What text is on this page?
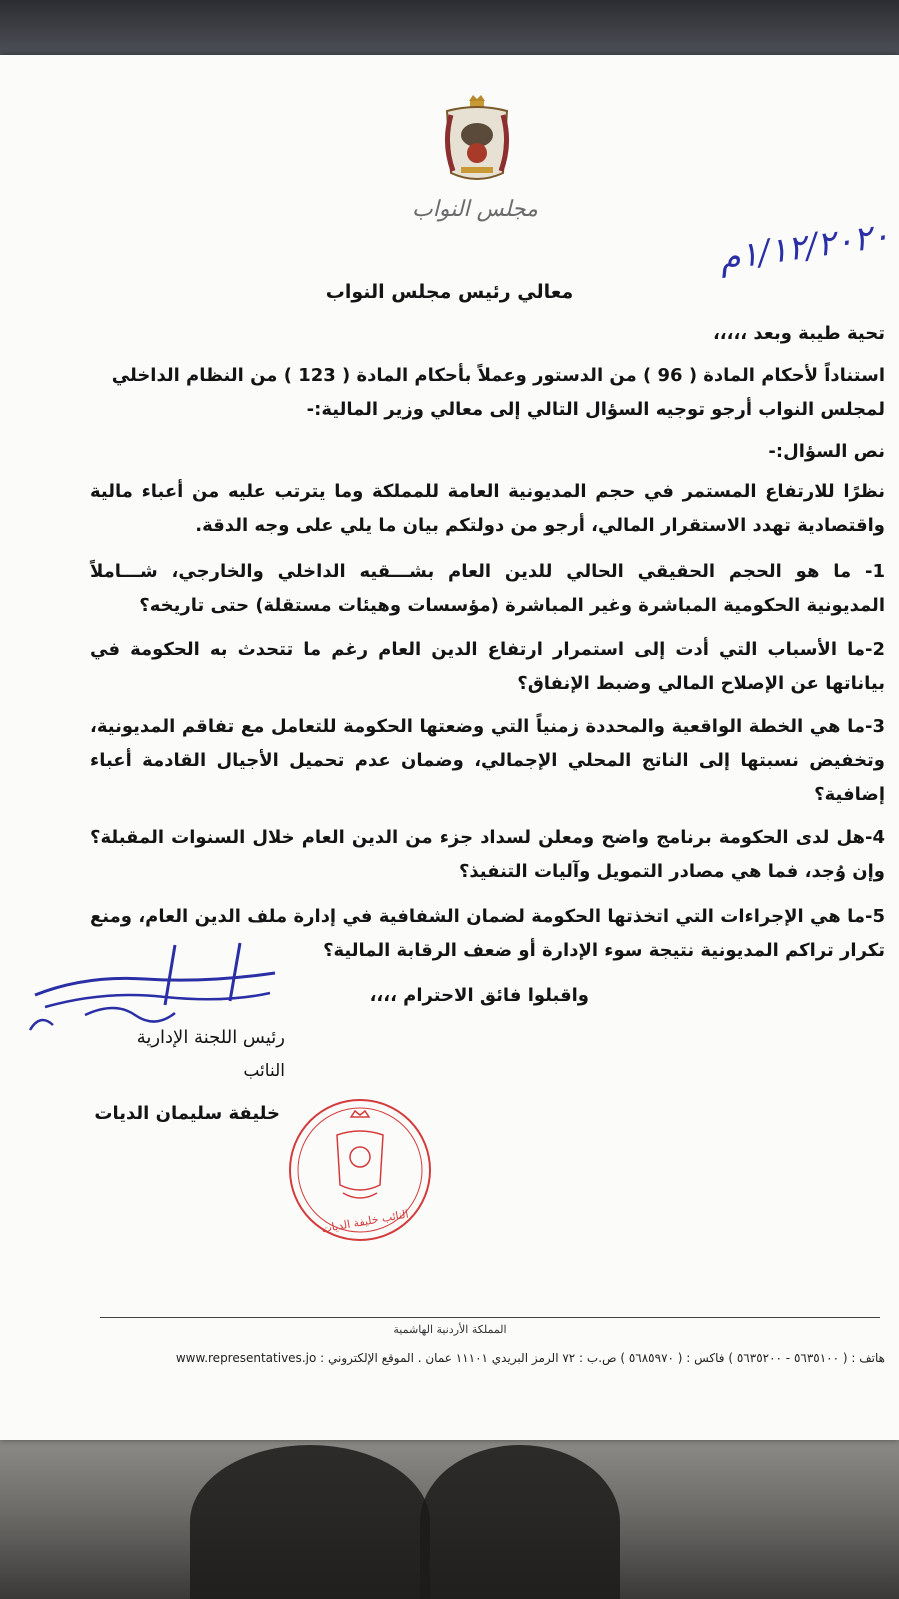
مجلس النواب
١/١٢/٢٠٢٠م
معالي رئيس مجلس النواب
تحية طيبة وبعد ،،،،،
استناداً لأحكام المادة ( 96 ) من الدستور وعملاً بأحكام المادة ( 123 ) من النظام الداخلي لمجلس النواب أرجو توجيه السؤال التالي إلى معالي وزير المالية:-
نص السؤال:-
نظرًا للارتفاع المستمر في حجم المديونية العامة للمملكة وما يترتب عليه من أعباء مالية واقتصادية تهدد الاستقرار المالي، أرجو من دولتكم بيان ما يلي على وجه الدقة.
1- ما هو الحجم الحقيقي الحالي للدين العام بشـــقيه الداخلي والخارجي، شـــاملاً المديونية الحكومية المباشرة وغير المباشرة (مؤسسات وهيئات مستقلة) حتى تاريخه؟
2-ما الأسباب التي أدت إلى استمرار ارتفاع الدين العام رغم ما تتحدث به الحكومة في بياناتها عن الإصلاح المالي وضبط الإنفاق؟
3-ما هي الخطة الواقعية والمحددة زمنياً التي وضعتها الحكومة للتعامل مع تفاقم المديونية، وتخفيض نسبتها إلى الناتج المحلي الإجمالي، وضمان عدم تحميل الأجيال القادمة أعباء إضافية؟
4-هل لدى الحكومة برنامج واضح ومعلن لسداد جزء من الدين العام خلال السنوات المقبلة؟ وإن وُجد، فما هي مصادر التمويل وآليات التنفيذ؟
5-ما هي الإجراءات التي اتخذتها الحكومة لضمان الشفافية في إدارة ملف الدين العام، ومنع تكرار تراكم المديونية نتيجة سوء الإدارة أو ضعف الرقابة المالية؟
واقبلوا فائق الاحترام ،،،،
رئيس اللجنة الإدارية
النائب
خليفة سليمان الديات
النائب خليفة الديات
المملكة الأردنية الهاشمية
هاتف : ( ٥٦٣٥١٠٠ - ٥٦٣٥٢٠٠ ) فاكس : ( ٥٦٨٥٩٧٠ ) ص.ب : ٧٢ الرمز البريدي ١١١٠١ عمان . الموقع الإلكتروني : www.representatives.jo
